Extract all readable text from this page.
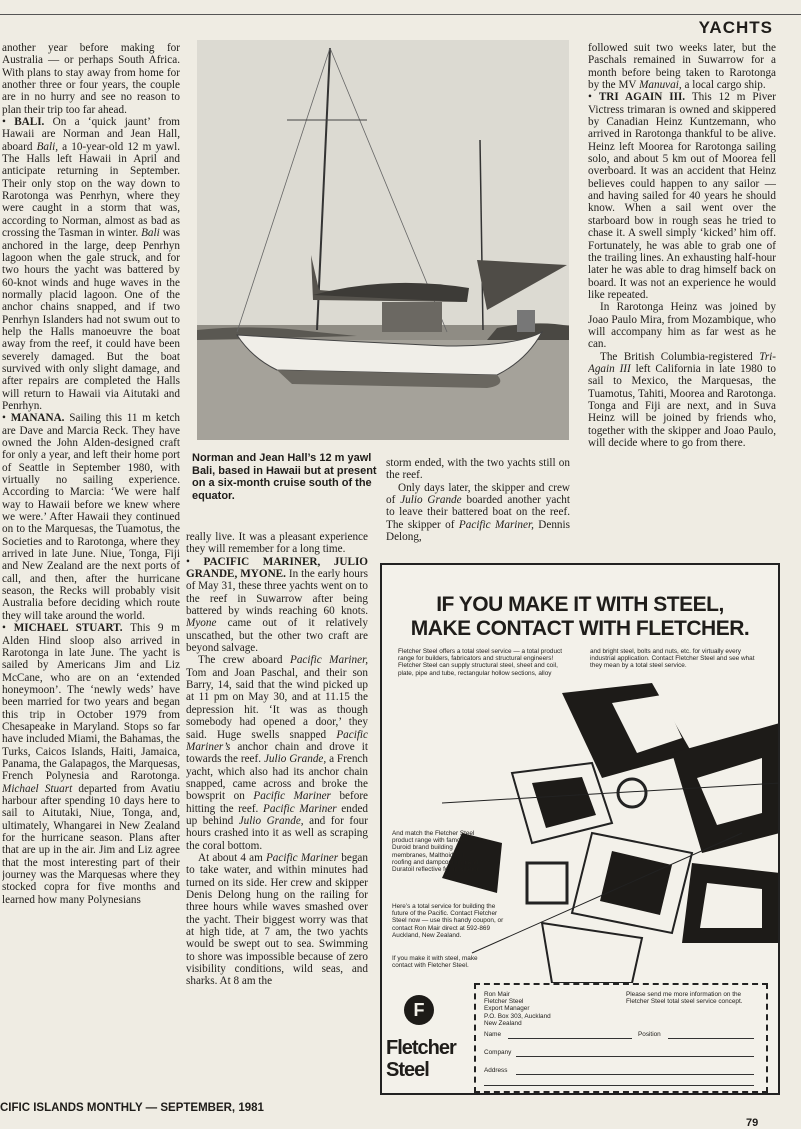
YACHTS

another year before making for Australia — or perhaps South Africa. With plans to stay away from home for another three or four years, the couple are in no hurry and see no reason to plan their trip too far ahead.

• BALI. On a ‘quick jaunt’ from Hawaii are Norman and Jean Hall, aboard Bali, a 10-year-old 12 m yawl. The Halls left Hawaii in April and anticipate returning in September. Their only stop on the way down to Rarotonga was Penrhyn, where they were caught in a storm that was, according to Norman, almost as bad as crossing the Tasman in winter. Bali was anchored in the large, deep Penrhyn lagoon when the gale struck, and for two hours the yacht was battered by 60-knot winds and huge waves in the normally placid lagoon. One of the anchor chains snapped, and if two Penrhyn Islanders had not swum out to help the Halls manoeuvre the boat away from the reef, it could have been severely damaged. But the boat survived with only slight damage, and after repairs are completed the Halls will return to Hawaii via Aitutaki and Penrhyn.

• MANANA. Sailing this 11 m ketch are Dave and Marcia Reck. They have owned the John Alden-designed craft for only a year, and left their home port of Seattle in September 1980, with virtually no sailing experience. According to Marcia: ‘We were half way to Hawaii before we knew where we were.’ After Hawaii they continued on to the Marquesas, the Tuamotus, the Societies and to Rarotonga, where they arrived in late June. Niue, Tonga, Fiji and New Zealand are the next ports of call, and then, after the hurricane season, the Recks will probably visit Australia before deciding which route they will take around the world.

• MICHAEL STUART. This 9 m Alden Hind sloop also arrived in Rarotonga in late June. The yacht is sailed by Americans Jim and Liz McCane, who are on an ‘extended honeymoon’. The ‘newly weds’ have been married for two years and began this trip in October 1979 from Chesapeake in Maryland. Stops so far have included Miami, the Bahamas, the Turks, Caicos Islands, Haiti, Jamaica, Panama, the Galapagos, the Marquesas, French Polynesia and Rarotonga. Michael Stuart departed from Avatiu harbour after spending 10 days here to sail to Aitutaki, Niue, Tonga, and, ultimately, Whangarei in New Zealand for the hurricane season. Plans after that are up in the air. Jim and Liz agree that the most interesting part of their journey was the Marquesas where they stocked copra for five months and learned how many Polynesians

Norman and Jean Hall’s 12 m yawl Bali, based in Hawaii but at present on a six-month cruise south of the equator.

really live. It was a pleasant experience they will remember for a long time.

• PACIFIC MARINER, JULIO GRANDE, MYONE. In the early hours of May 31, these three yachts went on to the reef in Suwarrow after being battered by winds reaching 60 knots. Myone came out of it relatively unscathed, but the other two craft are beyond salvage.

The crew aboard Pacific Mariner, Tom and Joan Paschal, and their son Barry, 14, said that the wind picked up at 11 pm on May 30, and at 11.15 the depression hit. ‘It was as though somebody had opened a door,’ they said. Huge swells snapped Pacific Mariner’s anchor chain and drove it towards the reef. Julio Grande, a French yacht, which also had its anchor chain snapped, came across and broke the bowsprit on Pacific Mariner before hitting the reef. Pacific Mariner ended up behind Julio Grande, and for four hours crashed into it as well as scraping the coral bottom.

At about 4 am Pacific Mariner began to take water, and within minutes had turned on its side. Her crew and skipper Denis Delong hung on the railing for three hours while waves smashed over the yacht. Their biggest worry was that at high tide, at 7 am, the two yachts would be swept out to sea. Swimming to shore was impossible because of zero visibility conditions, wild seas, and sharks. At 8 am the

storm ended, with the two yachts still on the reef.

Only days later, the skipper and crew of Julio Grande boarded another yacht to leave their battered boat on the reef. The skipper of Pacific Mariner, Dennis Delong,

followed suit two weeks later, but the Paschals remained in Suwarrow for a month before being taken to Rarotonga by the MV Manuvai, a local cargo ship.

• TRI AGAIN III. This 12 m Piver Victress trimaran is owned and skippered by Canadian Heinz Kuntzemann, who arrived in Rarotonga thankful to be alive. Heinz left Moorea for Rarotonga sailing solo, and about 5 km out of Moorea fell overboard. It was an accident that Heinz believes could happen to any sailor — and having sailed for 40 years he should know. When a sail went over the starboard bow in rough seas he tried to chase it. A swell simply ‘kicked’ him off. Fortunately, he was able to grab one of the trailing lines. An exhausting half-hour later he was able to drag himself back on board. It was not an experience he would like repeated.

In Rarotonga Heinz was joined by Joao Paulo Mira, from Mozambique, who will accompany him as far west as he can.

The British Columbia-registered Tri-Again III left California in late 1980 to sail to Mexico, the Marquesas, the Tuamotus, Tahiti, Moorea and Rarotonga. Tonga and Fiji are next, and in Suva Heinz will be joined by friends who, together with the skipper and Joao Paulo, will decide where to go from there.

IF YOU MAKE IT WITH STEEL,
MAKE CONTACT WITH FLETCHER.
Fletcher Steel offers a total steel service — a total product range for builders, fabricators and structural engineers! Fletcher Steel can supply structural steel, sheet and coil, plate, pipe and tube, rectangular hollow sections, alloy
and bright steel, bolts and nuts, etc. for virtually every industrial application. Contact Fletcher Steel and see what they mean by a total steel service.
And match the Fletcher Steel product range with famous Duroid brand building membranes, Malthoid roll roofing and dampcoursing and Duratoil reflective foil insulation.
Here’s a total service for building the future of the Pacific. Contact Fletcher Steel now — use this handy coupon, or contact Ron Mair direct at 592-869 Auckland, New Zealand.
If you make it with steel, make contact with Fletcher Steel.
F
Fletcher
Steel
Ron Mair
Fletcher Steel
Export Manager
P.O. Box 303, Auckland
New Zealand
Please send me more information on the Fletcher Steel total steel service concept.
Name	Position
Company
Address
CIFIC ISLANDS MONTHLY — SEPTEMBER, 1981
79
